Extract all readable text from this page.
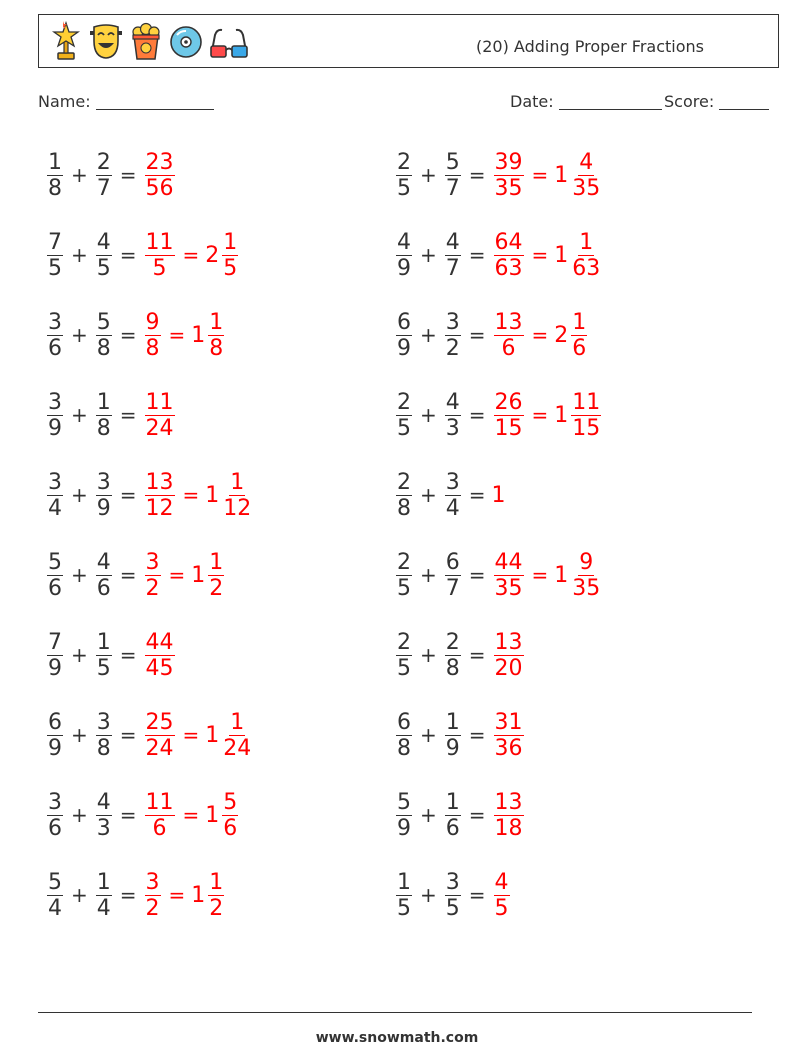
(20) Adding Proper Fractions
Name:	Date:	Score:
$\frac{1}{8} + \frac{2}{7} = \frac{23}{56}$
$\frac{7}{5} + \frac{4}{5} = \frac{11}{5} = 2 \frac{1}{5}$
$\frac{3}{6} + \frac{5}{8} = \frac{9}{8} = 1 \frac{1}{8}$
$\frac{3}{9} + \frac{1}{8} = \frac{11}{24}$
$\frac{3}{4} + \frac{3}{9} = \frac{13}{12} = 1 \frac{1}{12}$
$\frac{5}{6} + \frac{4}{6} = \frac{3}{2} = 1 \frac{1}{2}$
$\frac{7}{9} + \frac{1}{5} = \frac{44}{45}$
$\frac{6}{9} + \frac{3}{8} = \frac{25}{24} = 1 \frac{1}{24}$
$\frac{3}{6} + \frac{4}{3} = \frac{11}{6} = 1 \frac{5}{6}$
$\frac{5}{4} + \frac{1}{4} = \frac{3}{2} = 1 \frac{1}{2}$
$\frac{2}{5} + \frac{5}{7} = \frac{39}{35} = 1 \frac{4}{35}$
$\frac{4}{9} + \frac{4}{7} = \frac{64}{63} = 1 \frac{1}{63}$
$\frac{6}{9} + \frac{3}{2} = \frac{13}{6} = 2 \frac{1}{6}$
$\frac{2}{5} + \frac{4}{3} = \frac{26}{15} = 1 \frac{11}{15}$
$\frac{2}{8} + \frac{3}{4} = 1$
$\frac{2}{5} + \frac{6}{7} = \frac{44}{35} = 1 \frac{9}{35}$
$\frac{2}{5} + \frac{2}{8} = \frac{13}{20}$
$\frac{6}{8} + \frac{1}{9} = \frac{31}{36}$
$\frac{5}{9} + \frac{1}{6} = \frac{13}{18}$
$\frac{1}{5} + \frac{3}{5} = \frac{4}{5}$
www.snowmath.com
